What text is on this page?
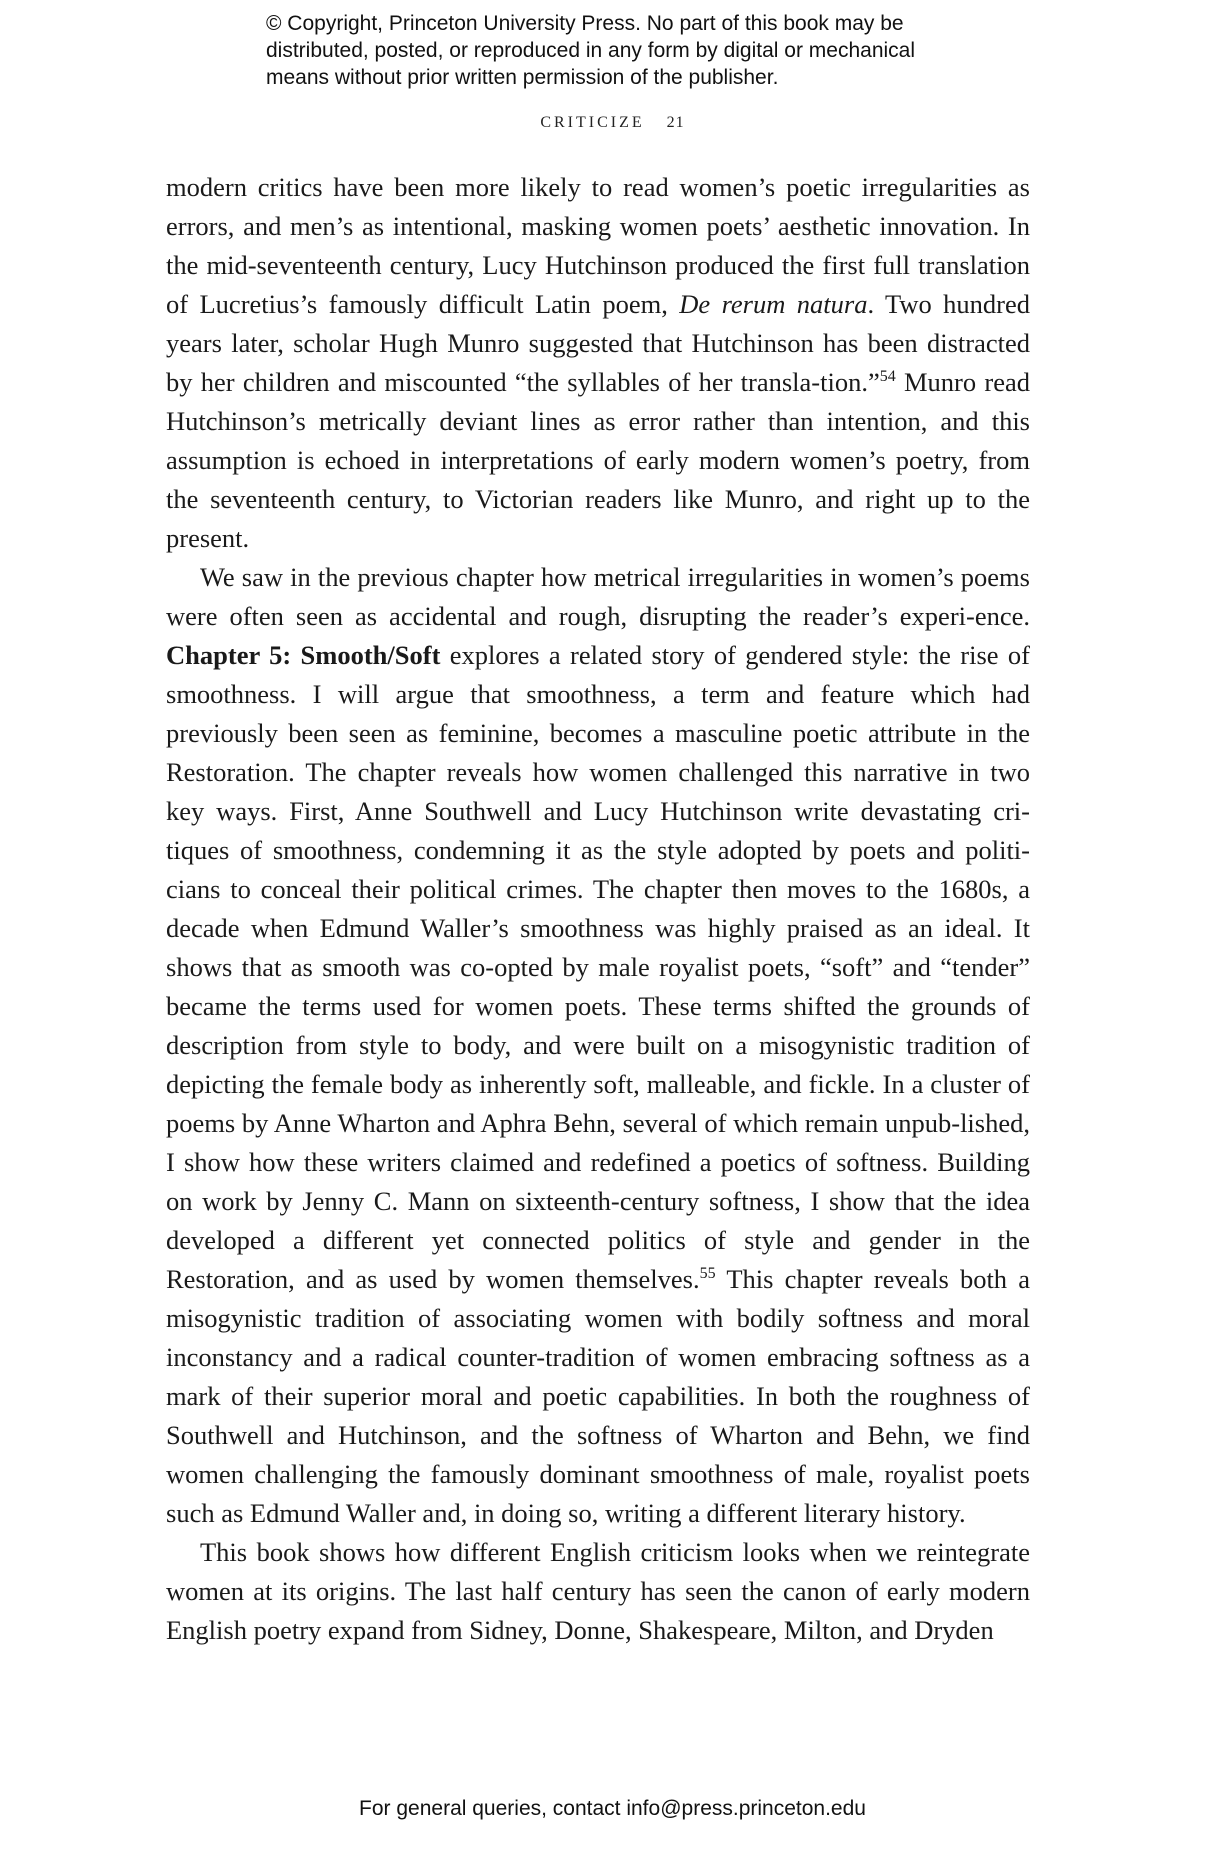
© Copyright, Princeton University Press. No part of this book may be
distributed, posted, or reproduced in any form by digital or mechanical
means without prior written permission of the publisher.
CRITICIZE 21

modern critics have been more likely to read women’s poetic irregularities as errors, and men’s as intentional, masking women poets’ aesthetic innovation. In the mid-seventeenth century, Lucy Hutchinson produced the first full translation of Lucretius’s famously difficult Latin poem, De rerum natura. Two hundred years later, scholar Hugh Munro suggested that Hutchinson has been distracted by her children and miscounted “the syllables of her transla-tion.”$^{54}$ Munro read Hutchinson’s metrically deviant lines as error rather than intention, and this assumption is echoed in interpretations of early modern women’s poetry, from the seventeenth century, to Victorian readers like Munro, and right up to the present.

We saw in the previous chapter how metrical irregularities in women’s poems were often seen as accidental and rough, disrupting the reader’s experi-ence. Chapter 5: Smooth/Soft explores a related story of gendered style: the rise of smoothness. I will argue that smoothness, a term and feature which had previously been seen as feminine, becomes a masculine poetic attribute in the Restoration. The chapter reveals how women challenged this narrative in two key ways. First, Anne Southwell and Lucy Hutchinson write devastating cri-tiques of smoothness, condemning it as the style adopted by poets and politi-cians to conceal their political crimes. The chapter then moves to the 1680s, a decade when Edmund Waller’s smoothness was highly praised as an ideal. It shows that as smooth was co-opted by male royalist poets, “soft” and “tender” became the terms used for women poets. These terms shifted the grounds of description from style to body, and were built on a misogynistic tradition of depicting the female body as inherently soft, malleable, and fickle. In a cluster of poems by Anne Wharton and Aphra Behn, several of which remain unpub-lished, I show how these writers claimed and redefined a poetics of softness. Building on work by Jenny C. Mann on sixteenth-century softness, I show that the idea developed a different yet connected politics of style and gender in the Restoration, and as used by women themselves.$^{55}$ This chapter reveals both a misogynistic tradition of associating women with bodily softness and moral inconstancy and a radical counter-tradition of women embracing softness as a mark of their superior moral and poetic capabilities. In both the roughness of Southwell and Hutchinson, and the softness of Wharton and Behn, we find women challenging the famously dominant smoothness of male, royalist poets such as Edmund Waller and, in doing so, writing a different literary history.

This book shows how different English criticism looks when we reintegrate women at its origins. The last half century has seen the canon of early modern English poetry expand from Sidney, Donne, Shakespeare, Milton, and Dryden

For general queries, contact info@press.princeton.edu
